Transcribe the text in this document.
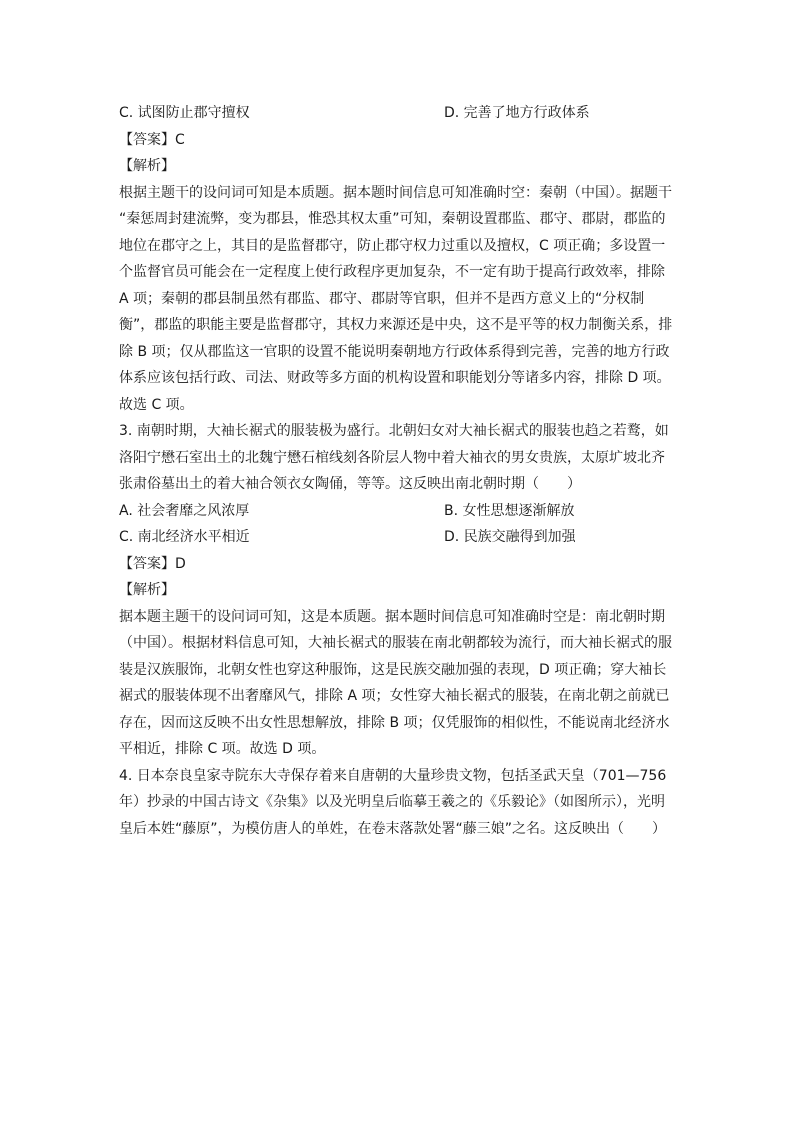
C. 试图防止郡守擅权	D. 完善了地方行政体系
【答案】C
【解析】
根据主题干的设问词可知是本质题。据本题时间信息可知准确时空：秦朝（中国）。据题干
“秦惩周封建流弊，变为郡县，惟恐其权太重”可知，秦朝设置郡监、郡守、郡尉，郡监的
地位在郡守之上，其目的是监督郡守，防止郡守权力过重以及擅权，C 项正确；多设置一
个监督官员可能会在一定程度上使行政程序更加复杂，不一定有助于提高行政效率，排除
A 项；秦朝的郡县制虽然有郡监、郡守、郡尉等官职，但并不是西方意义上的“分权制
衡”，郡监的职能主要是监督郡守，其权力来源还是中央，这不是平等的权力制衡关系，排
除 B 项；仅从郡监这一官职的设置不能说明秦朝地方行政体系得到完善，完善的地方行政
体系应该包括行政、司法、财政等多方面的机构设置和职能划分等诸多内容，排除 D 项。
故选 C 项。
3. 南朝时期，大袖长裾式的服装极为盛行。北朝妇女对大袖长裾式的服装也趋之若鹜，如
洛阳宁懋石室出土的北魏宁懋石棺线刻各阶层人物中着大袖衣的男女贵族，太原圹坡北齐
张肃俗墓出土的着大袖合领衣女陶俑，等等。这反映出南北朝时期（　　）
A. 社会奢靡之风浓厚	B. 女性思想逐渐解放
C. 南北经济水平相近	D. 民族交融得到加强
【答案】D
【解析】
据本题主题干的设问词可知，这是本质题。据本题时间信息可知准确时空是：南北朝时期
（中国）。根据材料信息可知，大袖长裾式的服装在南北朝都较为流行，而大袖长裾式的服
装是汉族服饰，北朝女性也穿这种服饰，这是民族交融加强的表现，D 项正确；穿大袖长
裾式的服装体现不出奢靡风气，排除 A 项；女性穿大袖长裾式的服装，在南北朝之前就已
存在，因而这反映不出女性思想解放，排除 B 项；仅凭服饰的相似性，不能说南北经济水
平相近，排除 C 项。故选 D 项。
4. 日本奈良皇家寺院东大寺保存着来自唐朝的大量珍贵文物，包括圣武天皇（701—756
年）抄录的中国古诗文《杂集》以及光明皇后临摹王羲之的《乐毅论》（如图所示），光明
皇后本姓“藤原”，为模仿唐人的单姓，在卷末落款处署“藤三娘”之名。这反映出（　　）
